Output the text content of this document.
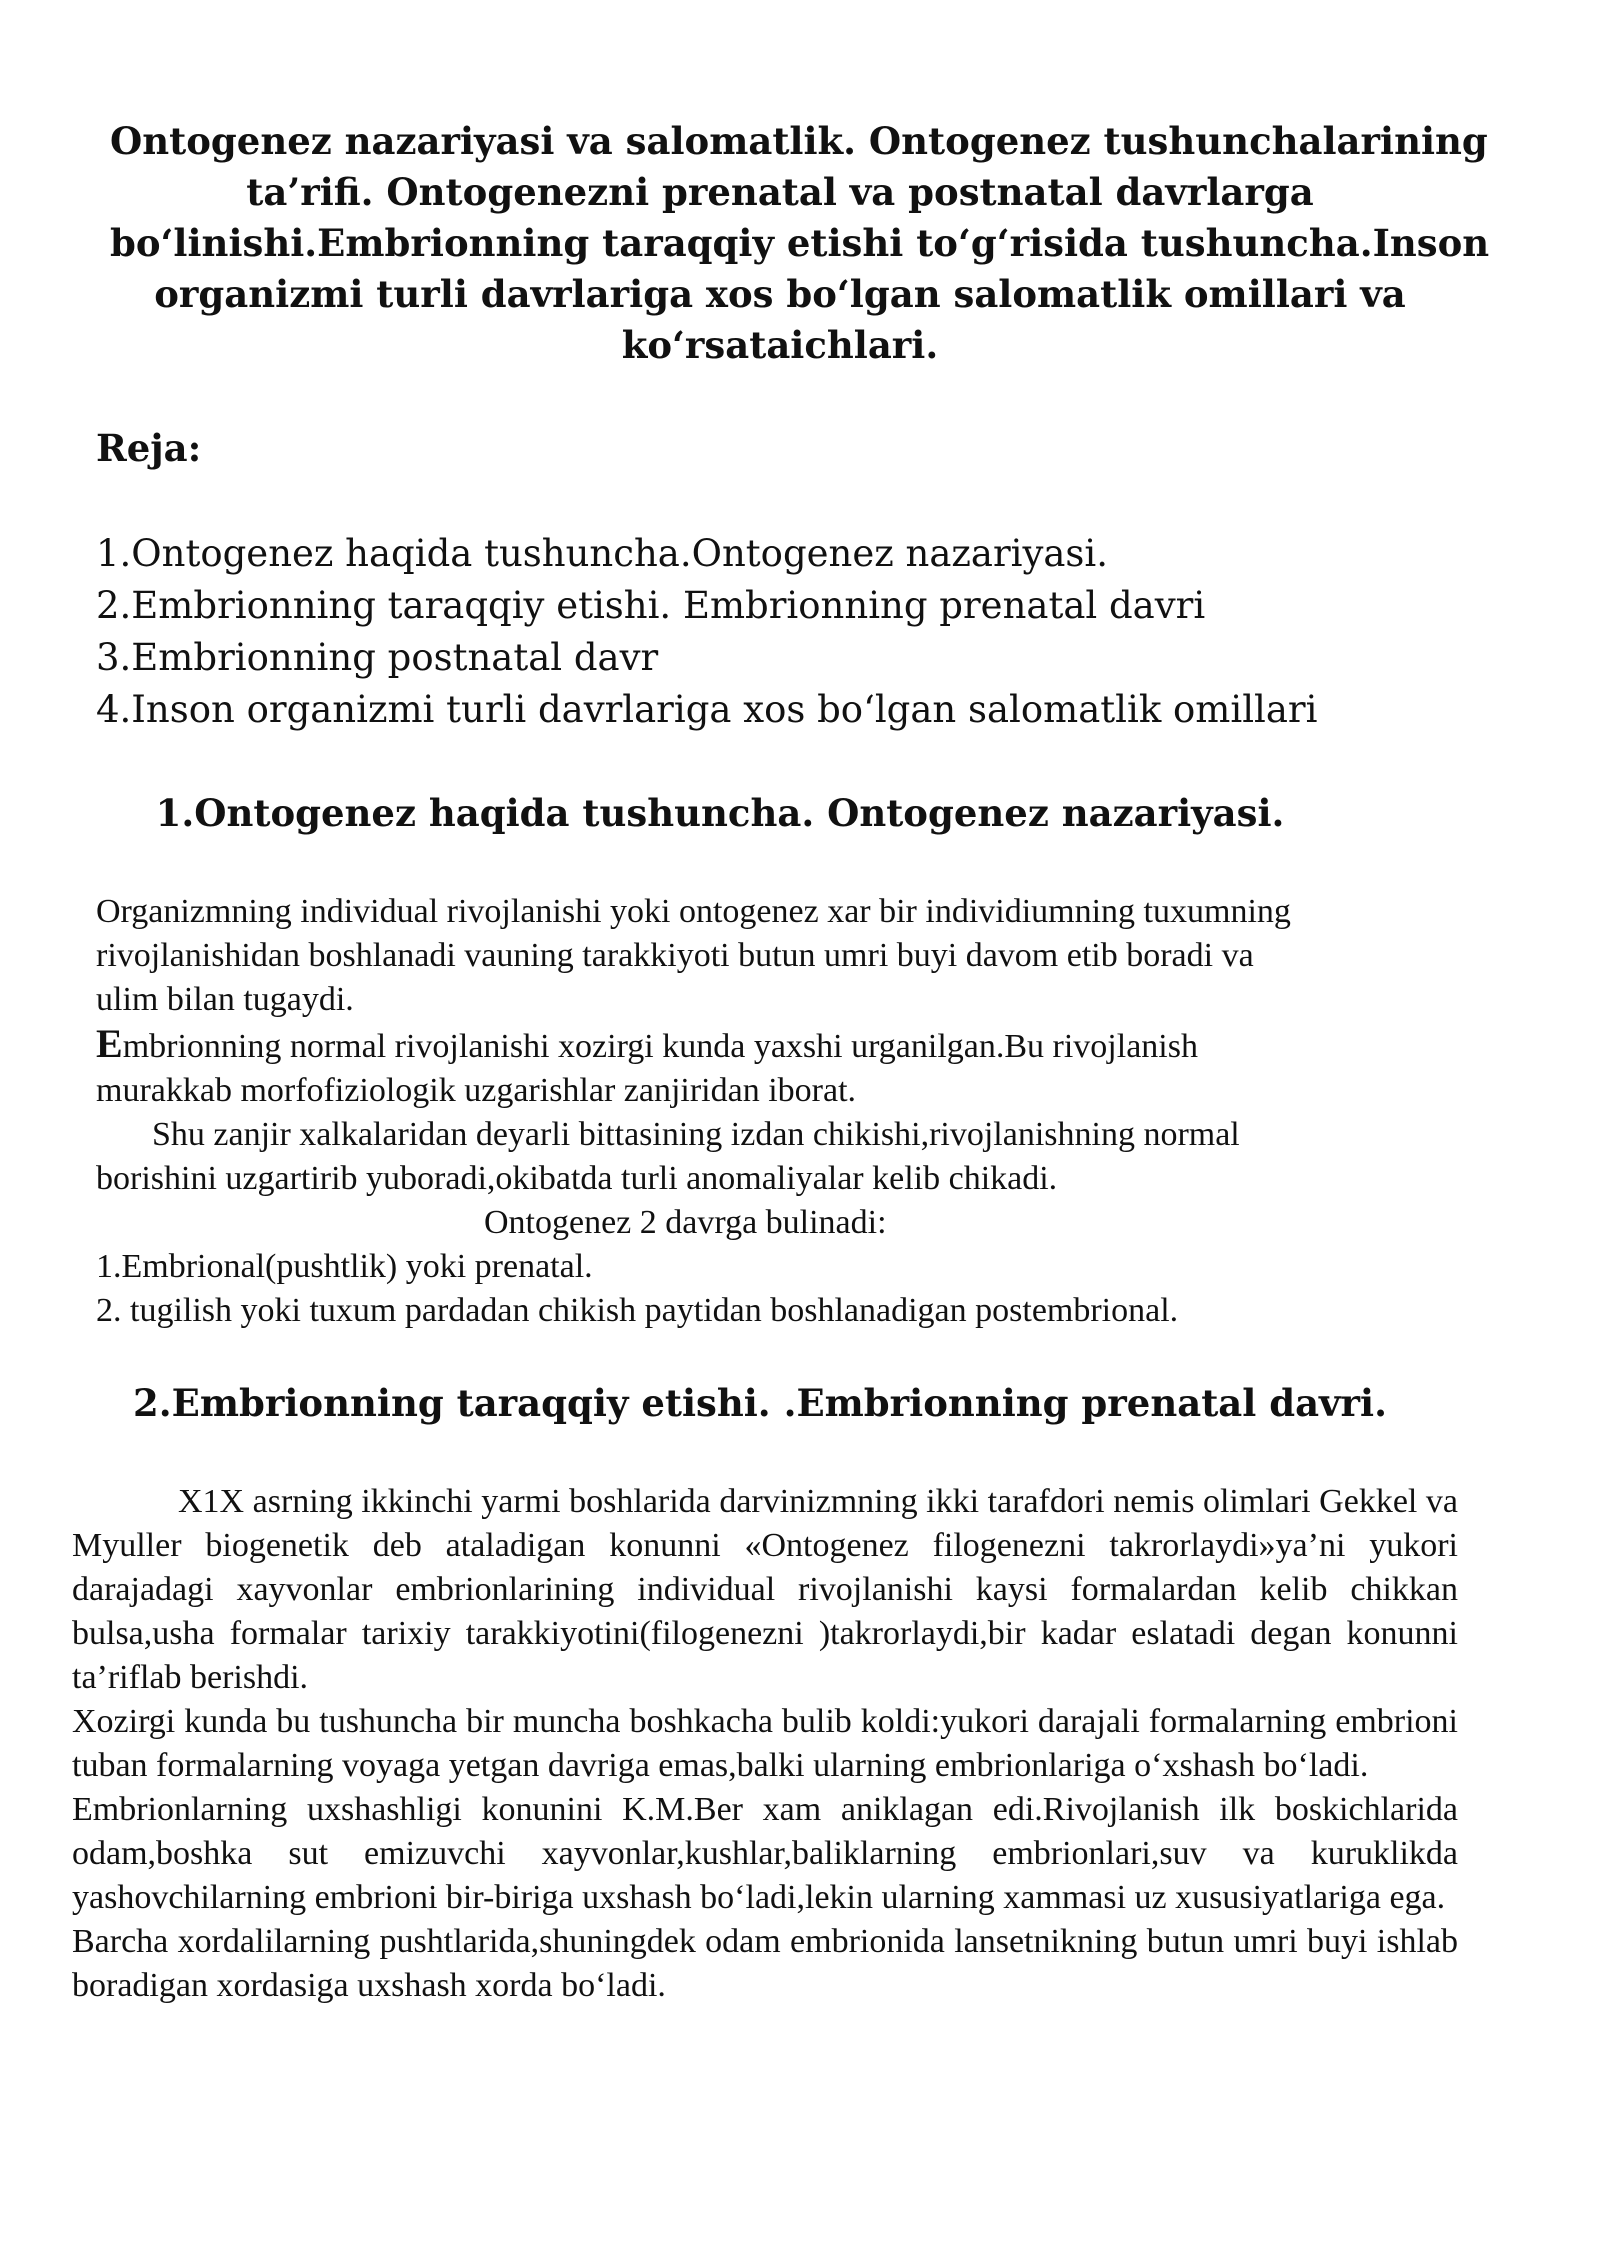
Ontogenez nazariyasi va salomatlik. Ontogenez tushunchalarining
ta’rifi. Ontogenezni prenatal va postnatal davrlarga
bo‘linishi.Embrionning taraqqiy etishi to‘g‘risida tushuncha.Inson
organizmi turli davrlariga xos bo‘lgan salomatlik omillari va
ko‘rsataichlari.
Reja:
1.Ontogenez haqida tushuncha.Ontogenez nazariyasi.
2.Embrionning taraqqiy etishi. Embrionning prenatal davri
3.Embrionning postnatal davr
4.Inson organizmi turli davrlariga xos bo‘lgan salomatlik omillari
1.Ontogenez haqida tushuncha. Ontogenez nazariyasi.
Organizmning individual rivojlanishi yoki ontogenez xar bir individiumning tuxumning
rivojlanishidan boshlanadi vauning tarakkiyoti butun umri buyi davom etib boradi va
ulim bilan tugaydi.
Embrionning normal rivojlanishi xozirgi kunda yaxshi urganilgan.Bu rivojlanish
murakkab morfofiziologik uzgarishlar zanjiridan iborat.
Shu zanjir xalkalaridan deyarli bittasining izdan chikishi,rivojlanishning normal
borishini uzgartirib yuboradi,okibatda turli anomaliyalar kelib chikadi.
Ontogenez 2 davrga bulinadi:
1.Embrional(pushtlik) yoki prenatal.
2. tugilish yoki tuxum pardadan chikish paytidan boshlanadigan postembrional.
2.Embrionning taraqqiy etishi. .Embrionning prenatal davri.

X1X asrning ikkinchi yarmi boshlarida darvinizmning ikki tarafdori nemis olimlari Gekkel va Myuller biogenetik deb ataladigan konunni «Ontogenez filogenezni takrorlaydi»ya’ni yukori darajadagi xayvonlar embrionlarining individual rivojlanishi kaysi formalardan kelib chikkan bulsa,usha formalar tarixiy tarakkiyotini(filogenezni )takrorlaydi,bir kadar eslatadi degan konunni ta’riflab berishdi.

Xozirgi kunda bu tushuncha bir muncha boshkacha bulib koldi:yukori darajali formalarning embrioni tuban formalarning voyaga yetgan davriga emas,balki ularning embrionlariga o‘xshash bo‘ladi.

Embrionlarning uxshashligi konunini K.M.Ber xam aniklagan edi.Rivojlanish ilk boskichlarida odam,boshka sut emizuvchi xayvonlar,kushlar,baliklarning embrionlari,suv va kuruklikda yashovchilarning embrioni bir-biriga uxshash bo‘ladi,lekin ularning xammasi uz xususiyatlariga ega.

Barcha xordalilarning pushtlarida,shuningdek odam embrionida lansetnikning butun umri buyi ishlab boradigan xordasiga uxshash xorda bo‘ladi.
